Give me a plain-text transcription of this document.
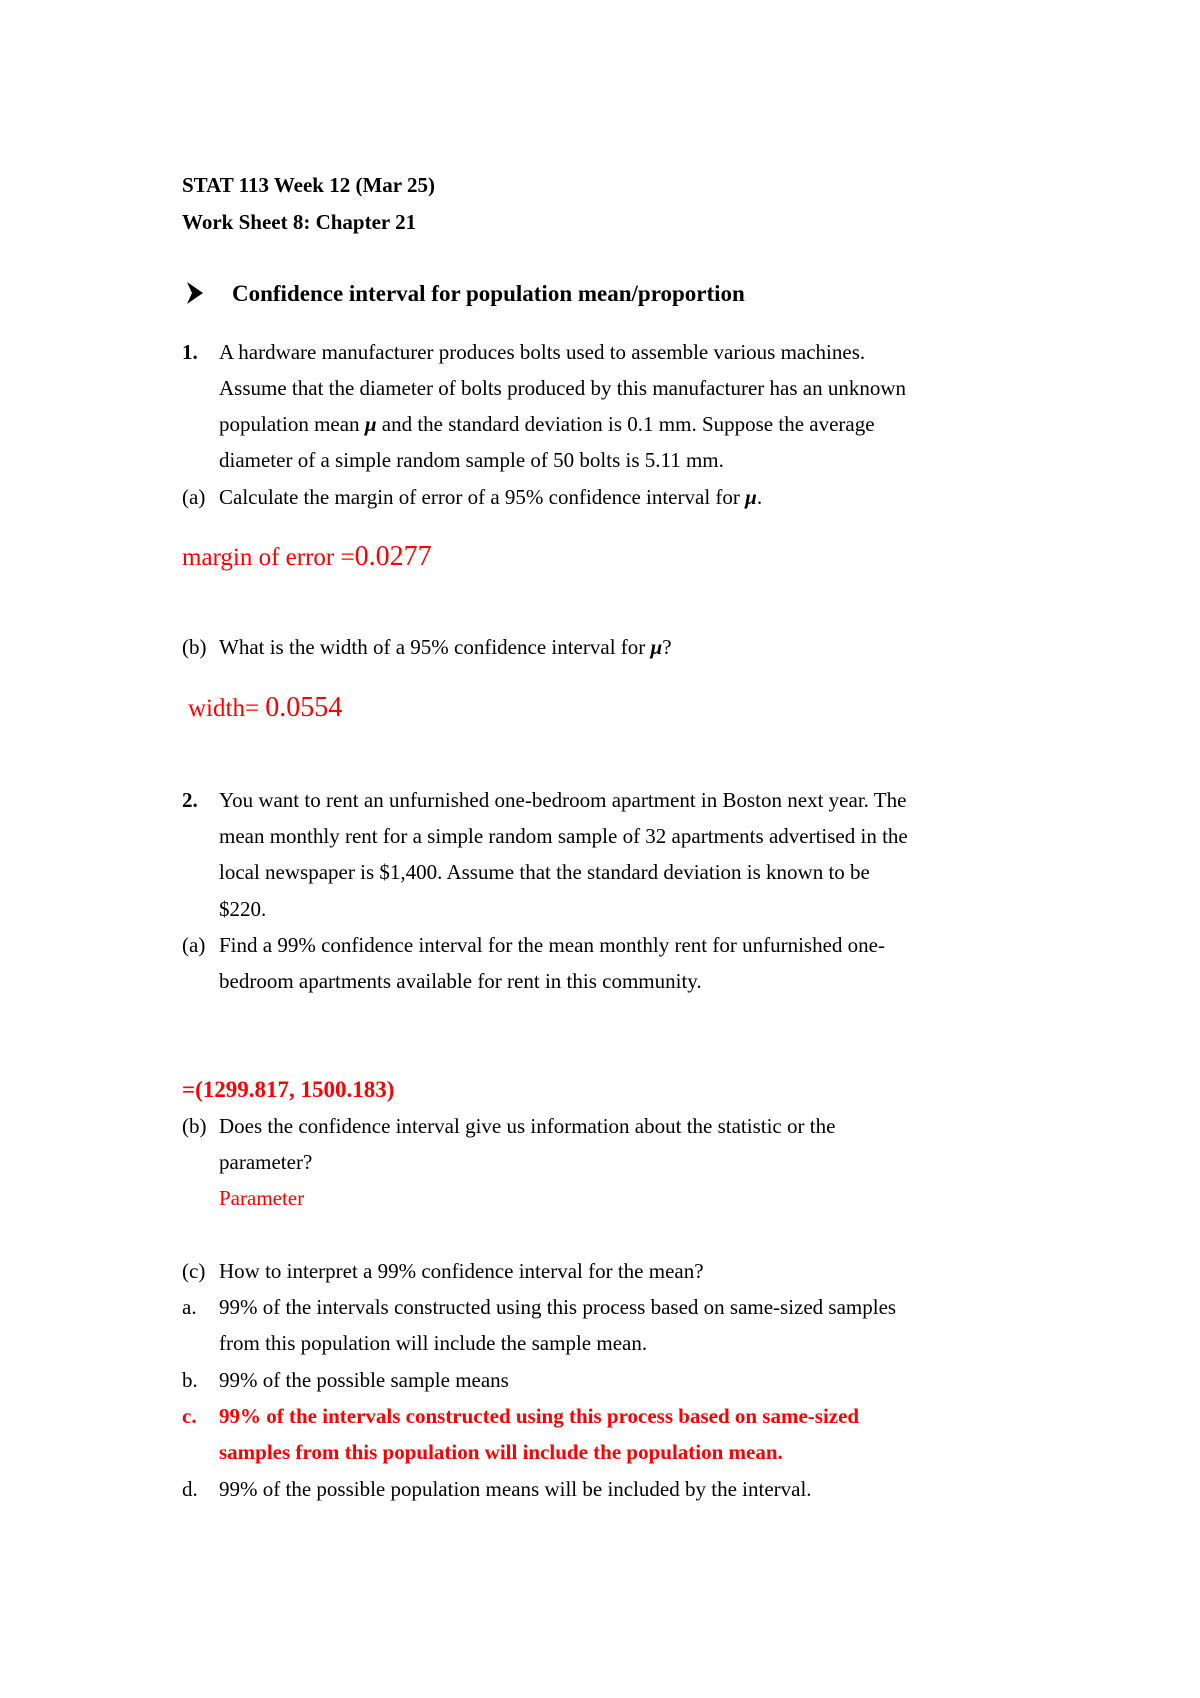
STAT 113 Week 12 (Mar 25)
Work Sheet 8: Chapter 21
Confidence interval for population mean/proportion
1. A hardware manufacturer produces bolts used to assemble various machines.
Assume that the diameter of bolts produced by this manufacturer has an unknown
population mean μ and the standard deviation is 0.1 mm. Suppose the average
diameter of a simple random sample of 50 bolts is 5.11 mm.
(a) Calculate the margin of error of a 95% confidence interval for μ.
margin of error =0.0277
(b) What is the width of a 95% confidence interval for μ?
width= 0.0554
2. You want to rent an unfurnished one-bedroom apartment in Boston next year. The
mean monthly rent for a simple random sample of 32 apartments advertised in the
local newspaper is $1,400. Assume that the standard deviation is known to be
$220.
(a) Find a 99% confidence interval for the mean monthly rent for unfurnished one-
bedroom apartments available for rent in this community.
=(1299.817, 1500.183)
(b) Does the confidence interval give us information about the statistic or the
parameter?
Parameter
(c) How to interpret a 99% confidence interval for the mean?
a. 99% of the intervals constructed using this process based on same-sized samples
from this population will include the sample mean.
b. 99% of the possible sample means
c. 99% of the intervals constructed using this process based on same-sized
samples from this population will include the population mean.
d. 99% of the possible population means will be included by the interval.
